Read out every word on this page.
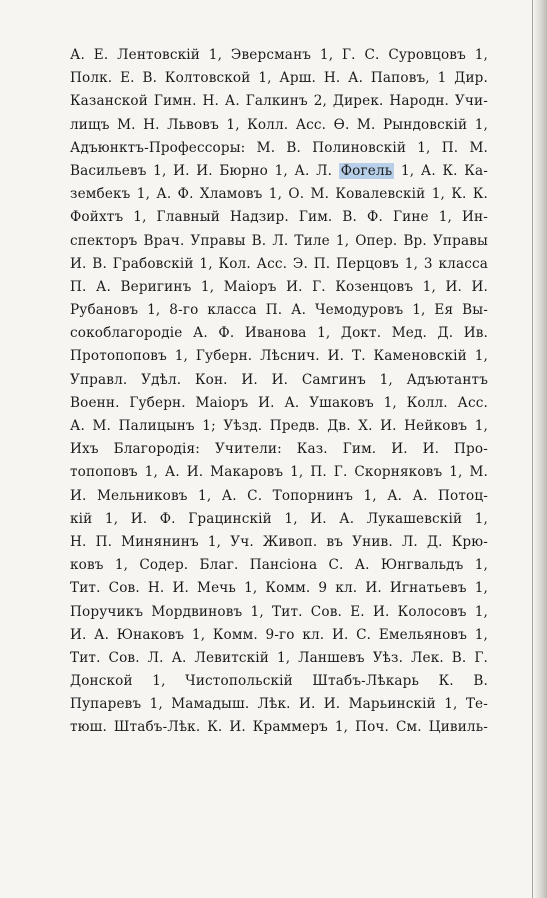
А. Е. Лентовскій 1, Эверсманъ 1, Г. С. Суровцовъ 1,
Полк. Е. В. Колтовской 1, Арш. Н. А. Паповъ, 1 Дир.
Казанской Гимн. Н. А. Галкинъ 2, Дирек. Народн. Учи-
лищъ М. Н. Львовъ 1, Колл. Асс. Ѳ. М. Рындовскій 1,
Адъюнктъ-Профессоры: М. В. Полиновскій 1, П. М.
Васильевъ 1, И. И. Бюрно 1, А. Л. Фогель 1, А. К. Ка-
зембекъ 1, А. Ф. Хламовъ 1, О. М. Ковалевскій 1, К. К.
Фойхтъ 1, Главный Надзир. Гим. В. Ф. Гине 1, Ин-
спекторъ Врач. Управы В. Л. Тиле 1, Опер. Вр. Управы
И. В. Грабовскій 1, Кол. Асс. Э. П. Перцовъ 1, 3 класса
П. А. Веригинъ 1, Маіоръ И. Г. Козенцовъ 1, И. И.
Рубановъ 1, 8-го класса П. А. Чемодуровъ 1, Ея Вы-
сокоблагородіе А. Ф. Иванова 1, Докт. Мед. Д. Ив.
Протопоповъ 1, Губерн. Лѣснич. И. Т. Каменовскій 1,
Управл. Удѣл. Кон. И. И. Самгинъ 1, Адъютантъ
Военн. Губерн. Маіоръ И. А. Ушаковъ 1, Колл. Асс.
А. М. Палицынъ 1; Уѣзд. Предв. Дв. Х. И. Нейковъ 1,
Ихъ Благородія: Учители: Каз. Гим. И. И. Про-
топоповъ 1, А. И. Макаровъ 1, П. Г. Скорняковъ 1, М.
И. Мельниковъ 1, А. С. Топорнинъ 1, А. А. Потоц-
кій 1, И. Ф. Грацинскій 1, И. А. Лукашевскій 1,
Н. П. Минянинъ 1, Уч. Живоп. въ Унив. Л. Д. Крю-
ковъ 1, Содер. Благ. Пансіона С. А. Юнгвальдъ 1,
Тит. Сов. Н. И. Мечь 1, Комм. 9 кл. И. Игнатьевъ 1,
Поручикъ Мордвиновъ 1, Тит. Сов. Е. И. Колосовъ 1,
И. А. Юнаковъ 1, Комм. 9-го кл. И. С. Емельяновъ 1,
Тит. Сов. Л. А. Левитскій 1, Ланшевъ Уѣз. Лек. В. Г.
Донской 1, Чистопольскій Штабъ-Лѣкарь К. В.
Пупаревъ 1, Мамадыш. Лѣк. И. И. Марьинскій 1, Те-
тюш. Штабъ-Лѣк. К. И. Краммеръ 1, Поч. См. Цивиль-
